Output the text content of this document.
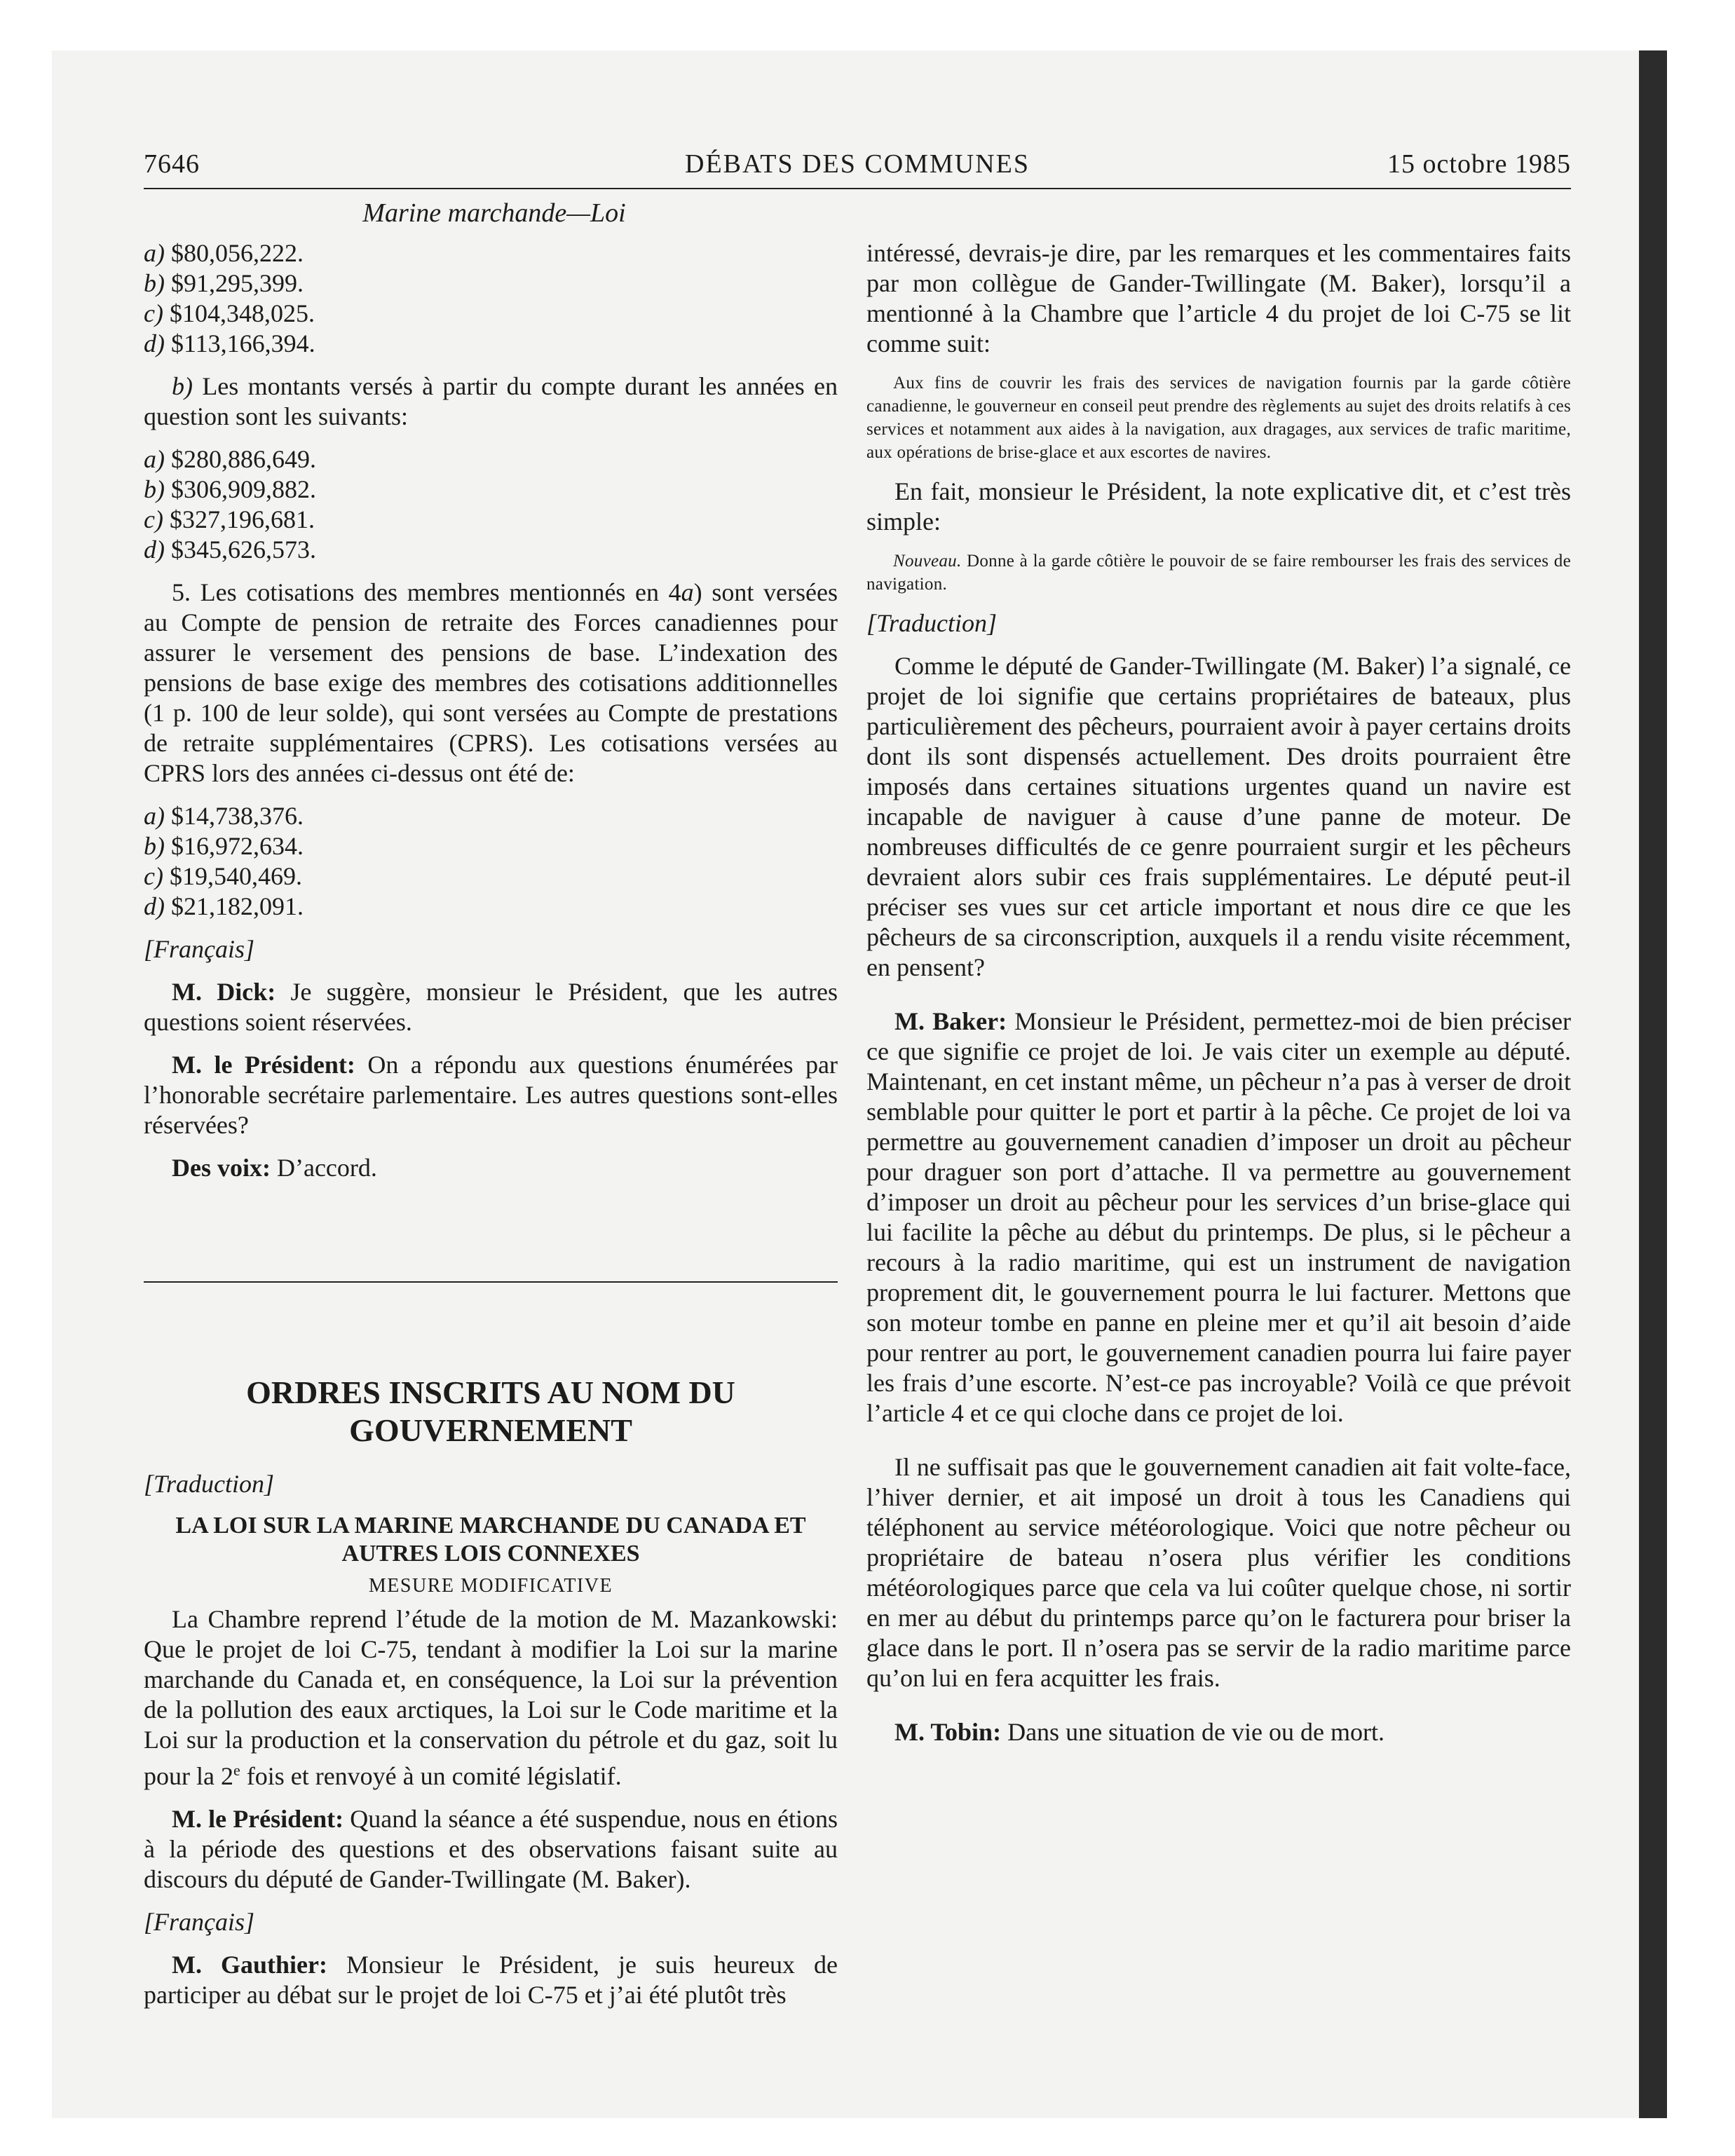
7646	DÉBATS DES COMMUNES	15 octobre 1985
Marine marchande—Loi
a) $80,056,222.
b) $91,295,399.
c) $104,348,025.
d) $113,166,394.

b) Les montants versés à partir du compte durant les années en question sont les suivants:

a) $280,886,649.
b) $306,909,882.
c) $327,196,681.
d) $345,626,573.

5. Les cotisations des membres mentionnés en 4a) sont versées au Compte de pension de retraite des Forces canadiennes pour assurer le versement des pensions de base. L’indexation des pensions de base exige des membres des cotisations additionnelles (1 p. 100 de leur solde), qui sont versées au Compte de prestations de retraite supplémentaires (CPRS). Les cotisations versées au CPRS lors des années ci-dessus ont été de:

a) $14,738,376.
b) $16,972,634.
c) $19,540,469.
d) $21,182,091.
[Français]

M. Dick: Je suggère, monsieur le Président, que les autres questions soient réservées.

M. le Président: On a répondu aux questions énumérées par l’honorable secrétaire parlementaire. Les autres questions sont-elles réservées?

Des voix: D’accord.

ORDRES INSCRITS AU NOM DU GOUVERNEMENT
[Traduction]
LA LOI SUR LA MARINE MARCHANDE DU CANADA ET AUTRES LOIS CONNEXES
MESURE MODIFICATIVE

La Chambre reprend l’étude de la motion de M. Mazankowski: Que le projet de loi C-75, tendant à modifier la Loi sur la marine marchande du Canada et, en conséquence, la Loi sur la prévention de la pollution des eaux arctiques, la Loi sur le Code maritime et la Loi sur la production et la conservation du pétrole et du gaz, soit lu pour la 2e fois et renvoyé à un comité législatif.

M. le Président: Quand la séance a été suspendue, nous en étions à la période des questions et des observations faisant suite au discours du député de Gander-Twillingate (M. Baker).

[Français]

M. Gauthier: Monsieur le Président, je suis heureux de participer au débat sur le projet de loi C-75 et j’ai été plutôt très

intéressé, devrais-je dire, par les remarques et les commentaires faits par mon collègue de Gander-Twillingate (M. Baker), lorsqu’il a mentionné à la Chambre que l’article 4 du projet de loi C-75 se lit comme suit:

Aux fins de couvrir les frais des services de navigation fournis par la garde côtière canadienne, le gouverneur en conseil peut prendre des règlements au sujet des droits relatifs à ces services et notamment aux aides à la navigation, aux dragages, aux services de trafic maritime, aux opérations de brise-glace et aux escortes de navires.

En fait, monsieur le Président, la note explicative dit, et c’est très simple:

Nouveau. Donne à la garde côtière le pouvoir de se faire rembourser les frais des services de navigation.

[Traduction]

Comme le député de Gander-Twillingate (M. Baker) l’a signalé, ce projet de loi signifie que certains propriétaires de bateaux, plus particulièrement des pêcheurs, pourraient avoir à payer certains droits dont ils sont dispensés actuellement. Des droits pourraient être imposés dans certaines situations urgentes quand un navire est incapable de naviguer à cause d’une panne de moteur. De nombreuses difficultés de ce genre pourraient surgir et les pêcheurs devraient alors subir ces frais supplémentaires. Le député peut-il préciser ses vues sur cet article important et nous dire ce que les pêcheurs de sa circonscription, auxquels il a rendu visite récemment, en pensent?

M. Baker: Monsieur le Président, permettez-moi de bien préciser ce que signifie ce projet de loi. Je vais citer un exemple au député. Maintenant, en cet instant même, un pêcheur n’a pas à verser de droit semblable pour quitter le port et partir à la pêche. Ce projet de loi va permettre au gouvernement canadien d’imposer un droit au pêcheur pour draguer son port d’attache. Il va permettre au gouvernement d’imposer un droit au pêcheur pour les services d’un brise-glace qui lui facilite la pêche au début du printemps. De plus, si le pêcheur a recours à la radio maritime, qui est un instrument de navigation proprement dit, le gouvernement pourra le lui facturer. Mettons que son moteur tombe en panne en pleine mer et qu’il ait besoin d’aide pour rentrer au port, le gouvernement canadien pourra lui faire payer les frais d’une escorte. N’est-ce pas incroyable? Voilà ce que prévoit l’article 4 et ce qui cloche dans ce projet de loi.

Il ne suffisait pas que le gouvernement canadien ait fait volte-face, l’hiver dernier, et ait imposé un droit à tous les Canadiens qui téléphonent au service météorologique. Voici que notre pêcheur ou propriétaire de bateau n’osera plus vérifier les conditions météorologiques parce que cela va lui coûter quelque chose, ni sortir en mer au début du printemps parce qu’on le facturera pour briser la glace dans le port. Il n’osera pas se servir de la radio maritime parce qu’on lui en fera acquitter les frais.

M. Tobin: Dans une situation de vie ou de mort.
